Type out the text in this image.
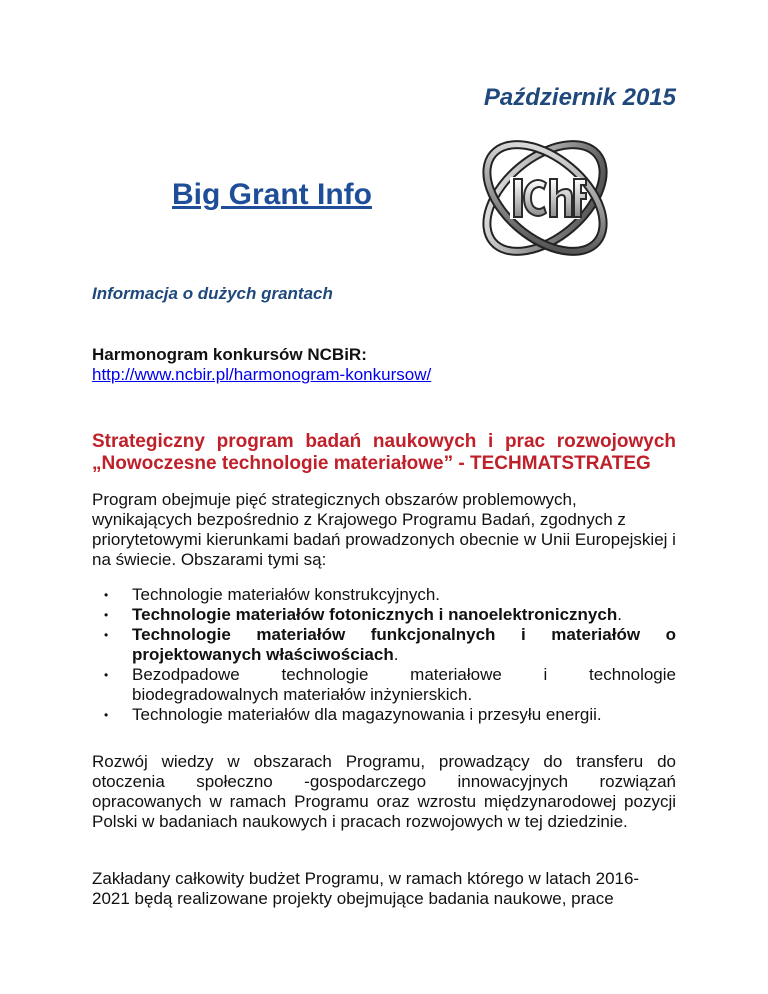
Październik 2015

Big Grant Info

Informacja o dużych grantach

Harmonogram konkursów NCBiR:
http://www.ncbir.pl/harmonogram-konkursow/
Strategiczny program badań naukowych i prac rozwojowych
„Nowoczesne technologie materiałowe” - TECHMATSTRATEG
Program obejmuje pięć strategicznych obszarów problemowych, wynikających bezpośrednio z Krajowego Programu Badań, zgodnych z priorytetowymi kierunkami badań prowadzonych obecnie w Unii Europejskiej i na świecie. Obszarami tymi są:
• Technologie materiałów konstrukcyjnych.
• Technologie materiałów fotonicznych i nanoelektronicznych.
• Technologie materiałów funkcjonalnych i materiałów o projektowanych właściwościach.
• Bezodpadowe technologie materiałowe i technologie biodegradowalnych materiałów inżynierskich.
• Technologie materiałów dla magazynowania i przesyłu energii.
Rozwój wiedzy w obszarach Programu, prowadzący do transferu do otoczenia społeczno -gospodarczego innowacyjnych rozwiązań opracowanych w ramach Programu oraz wzrostu międzynarodowej pozycji Polski w badaniach naukowych i pracach rozwojowych w tej dziedzinie.
Zakładany całkowity budżet Programu, w ramach którego w latach 2016-
2021 będą realizowane projekty obejmujące badania naukowe, prace
